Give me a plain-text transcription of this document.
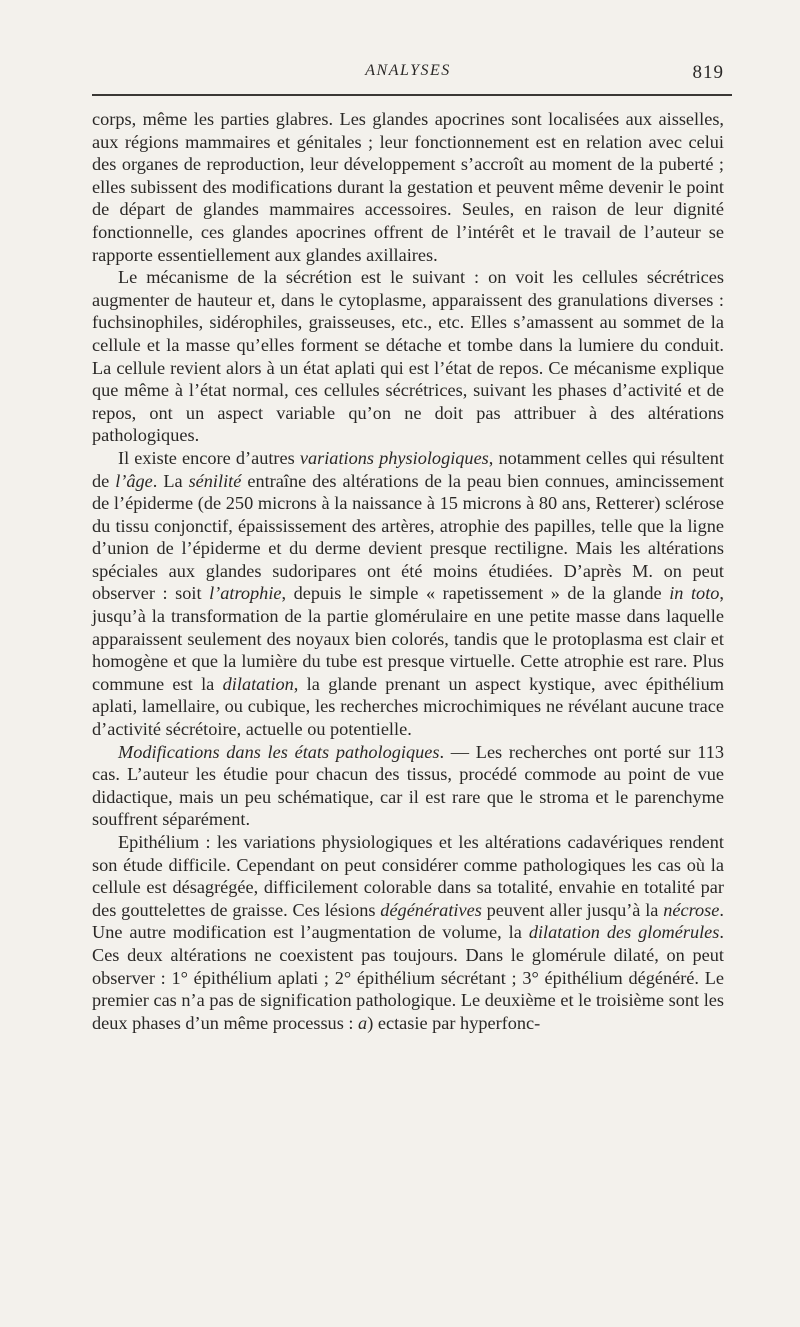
ANALYSES	819

corps, même les parties glabres. Les glandes apocrines sont localisées aux aisselles, aux régions mammaires et génitales ; leur fonctionnement est en relation avec celui des organes de reproduction, leur développement s’accroît au moment de la puberté ; elles subissent des modifications durant la gestation et peuvent même devenir le point de départ de glandes mammaires accessoires. Seules, en raison de leur dignité fonctionnelle, ces glandes apocrines offrent de l’intérêt et le travail de l’auteur se rapporte essentiellement aux glandes axillaires.

Le mécanisme de la sécrétion est le suivant : on voit les cellules sécrétrices augmenter de hauteur et, dans le cytoplasme, apparaissent des granulations diverses : fuchsinophiles, sidérophiles, graisseuses, etc., etc. Elles s’amassent au sommet de la cellule et la masse qu’elles forment se détache et tombe dans la lumiere du conduit. La cellule revient alors à un état aplati qui est l’état de repos. Ce mécanisme explique que même à l’état normal, ces cellules sécrétrices, suivant les phases d’activité et de repos, ont un aspect variable qu’on ne doit pas attribuer à des altérations pathologiques.

Il existe encore d’autres variations physiologiques, notamment celles qui résultent de l’âge. La sénilité entraîne des altérations de la peau bien connues, amincissement de l’épiderme (de 250 microns à la naissance à 15 microns à 80 ans, Retterer) sclérose du tissu conjonctif, épaississement des artères, atrophie des papilles, telle que la ligne d’union de l’épiderme et du derme devient presque rectiligne. Mais les altérations spéciales aux glandes sudoripares ont été moins étudiées. D’après M. on peut observer : soit l’atrophie, depuis le simple « rapetissement » de la glande in toto, jusqu’à la transformation de la partie glomérulaire en une petite masse dans laquelle apparaissent seulement des noyaux bien colorés, tandis que le protoplasma est clair et homogène et que la lumière du tube est presque virtuelle. Cette atrophie est rare. Plus commune est la dilatation, la glande prenant un aspect kystique, avec épithélium aplati, lamellaire, ou cubique, les recherches microchimiques ne révélant aucune trace d’activité sécrétoire, actuelle ou potentielle.

Modifications dans les états pathologiques. — Les recherches ont porté sur 113 cas. L’auteur les étudie pour chacun des tissus, procédé commode au point de vue didactique, mais un peu schématique, car il est rare que le stroma et le parenchyme souffrent séparément.

Epithélium : les variations physiologiques et les altérations cadavériques rendent son étude difficile. Cependant on peut considérer comme pathologiques les cas où la cellule est désagrégée, difficilement colorable dans sa totalité, envahie en totalité par des gouttelettes de graisse. Ces lésions dégénératives peuvent aller jusqu’à la nécrose. Une autre modification est l’augmentation de volume, la dilatation des glomérules. Ces deux altérations ne coexistent pas toujours. Dans le glomérule dilaté, on peut observer : 1° épithélium aplati ; 2° épithélium sécrétant ; 3° épithélium dégénéré. Le premier cas n’a pas de signification pathologique. Le deuxième et le troisième sont les deux phases d’un même processus : a) ectasie par hyperfonc-
